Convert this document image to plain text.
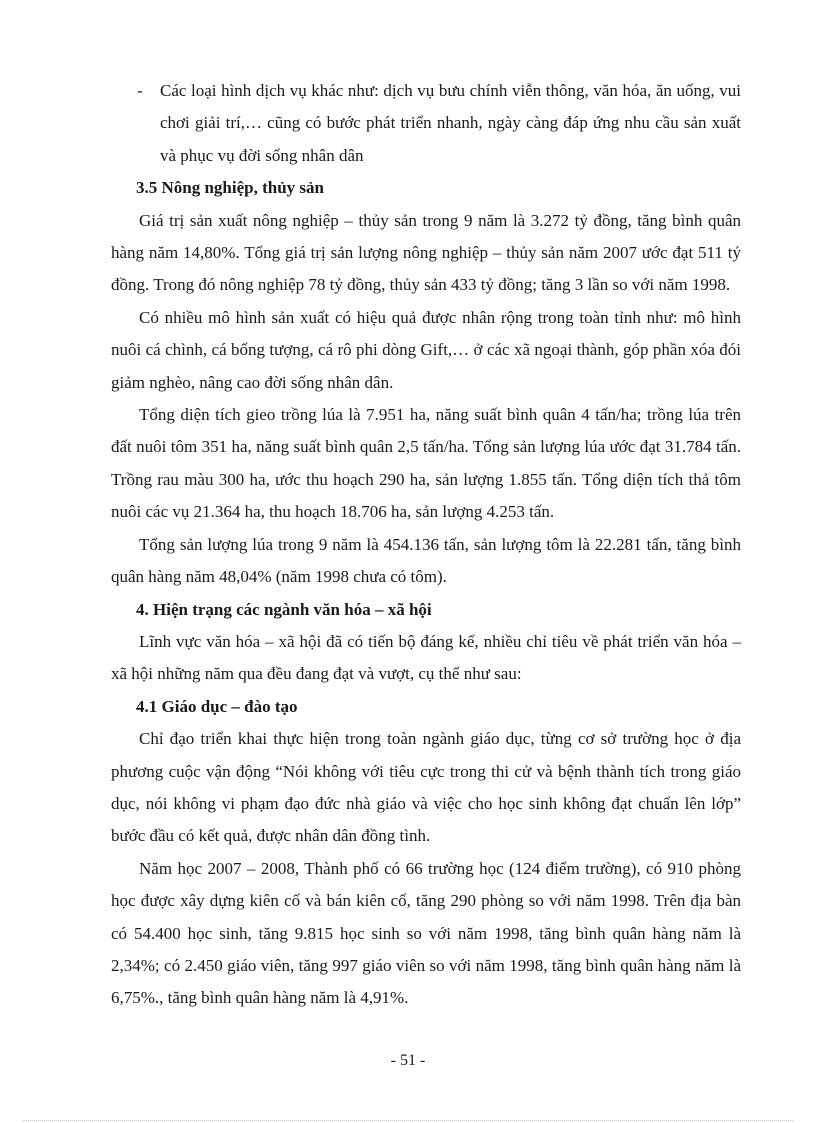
- Các loại hình dịch vụ khác như: dịch vụ bưu chính viễn thông, văn hóa, ăn uống, vui chơi giải trí,… cũng có bước phát triển nhanh, ngày càng đáp ứng nhu cầu sản xuất và phục vụ đời sống nhân dân

3.5 Nông nghiệp, thủy sản

Giá trị sản xuất nông nghiệp – thủy sản trong 9 năm là 3.272 tỷ đồng, tăng bình quân hàng năm 14,80%. Tổng giá trị sản lượng nông nghiệp – thủy sản năm 2007 ước đạt 511 tỷ đồng. Trong đó nông nghiệp 78 tỷ đồng, thủy sản 433 tỷ đồng; tăng 3 lần so với năm 1998.

Có nhiều mô hình sản xuất có hiệu quả được nhân rộng trong toàn tỉnh như: mô hình nuôi cá chình, cá bống tượng, cá rô phi dòng Gift,… ở các xã ngoại thành, góp phần xóa đói giảm nghèo, nâng cao đời sống nhân dân.

Tổng diện tích gieo trồng lúa là 7.951 ha, năng suất bình quân 4 tấn/ha; trồng lúa trên đất nuôi tôm 351 ha, năng suất bình quân 2,5 tấn/ha. Tổng sản lượng lúa ước đạt 31.784 tấn. Trồng rau màu 300 ha, ước thu hoạch 290 ha, sản lượng 1.855 tấn. Tổng diện tích thả tôm nuôi các vụ 21.364 ha, thu hoạch 18.706 ha, sản lượng 4.253 tấn.

Tổng sản lượng lúa trong 9 năm là 454.136 tấn, sản lượng tôm là 22.281 tấn, tăng bình quân hàng năm 48,04% (năm 1998 chưa có tôm).

4. Hiện trạng các ngành văn hóa – xã hội

Lĩnh vực văn hóa – xã hội đã có tiến bộ đáng kể, nhiều chỉ tiêu về phát triển văn hóa – xã hội những năm qua đều đang đạt và vượt, cụ thể như sau:

4.1 Giáo dục – đào tạo

Chỉ đạo triển khai thực hiện trong toàn ngành giáo dục, từng cơ sở trường học ở địa phương cuộc vận động “Nói không với tiêu cực trong thi cử và bệnh thành tích trong giáo dục, nói không vi phạm đạo đức nhà giáo và việc cho học sinh không đạt chuẩn lên lớp” bước đầu có kết quả, được nhân dân đồng tình.

Năm học 2007 – 2008, Thành phố có 66 trường học (124 điểm trường), có 910 phòng học được xây dựng kiên cố và bán kiên cố, tăng 290 phòng so với năm 1998. Trên địa bàn có 54.400 học sinh, tăng 9.815 học sinh so với năm 1998, tăng bình quân hàng năm là 2,34%; có 2.450 giáo viên, tăng 997 giáo viên so với năm 1998, tăng bình quân hàng năm là 6,75%., tăng bình quân hàng năm là 4,91%.

- 51 -
